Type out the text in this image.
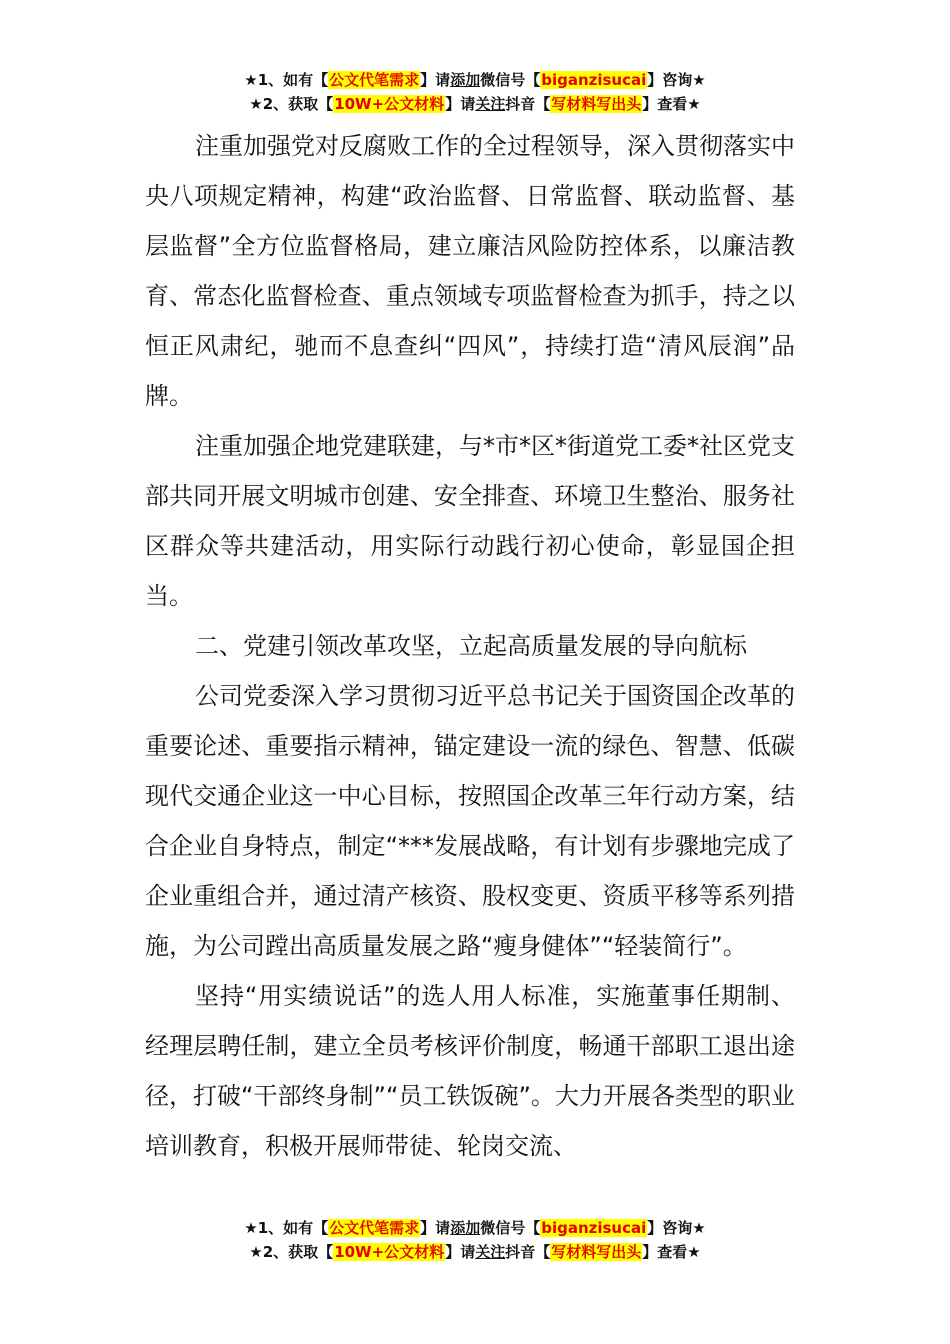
★1、如有【公文代笔需求】请添加微信号【biganzisucai】咨询★
★2、获取【10W+公文材料】请关注抖音【写材料写出头】查看★

注重加强党对反腐败工作的全过程领导，深入贯彻落实中央八项规定精神，构建“政治监督、日常监督、联动监督、基层监督”全方位监督格局，建立廉洁风险防控体系，以廉洁教育、常态化监督检查、重点领域专项监督检查为抓手，持之以恒正风肃纪，驰而不息查纠“四风”，持续打造“清风辰润”品牌。

注重加强企地党建联建，与*市*区*街道党工委*社区党支部共同开展文明城市创建、安全排查、环境卫生整治、服务社区群众等共建活动，用实际行动践行初心使命，彰显国企担当。

二、党建引领改革攻坚，立起高质量发展的导向航标

公司党委深入学习贯彻习近平总书记关于国资国企改革的重要论述、重要指示精神，锚定建设一流的绿色、智慧、低碳现代交通企业这一中心目标，按照国企改革三年行动方案，结合企业自身特点，制定“***发展战略，有计划有步骤地完成了企业重组合并，通过清产核资、股权变更、资质平移等系列措施，为公司蹚出高质量发展之路“瘦身健体”“轻装简行”。

坚持“用实绩说话”的选人用人标准，实施董事任期制、经理层聘任制，建立全员考核评价制度，畅通干部职工退出途径，打破“干部终身制”“员工铁饭碗”。大力开展各类型的职业培训教育，积极开展师带徒、轮岗交流、

★1、如有【公文代笔需求】请添加微信号【biganzisucai】咨询★
★2、获取【10W+公文材料】请关注抖音【写材料写出头】查看★
